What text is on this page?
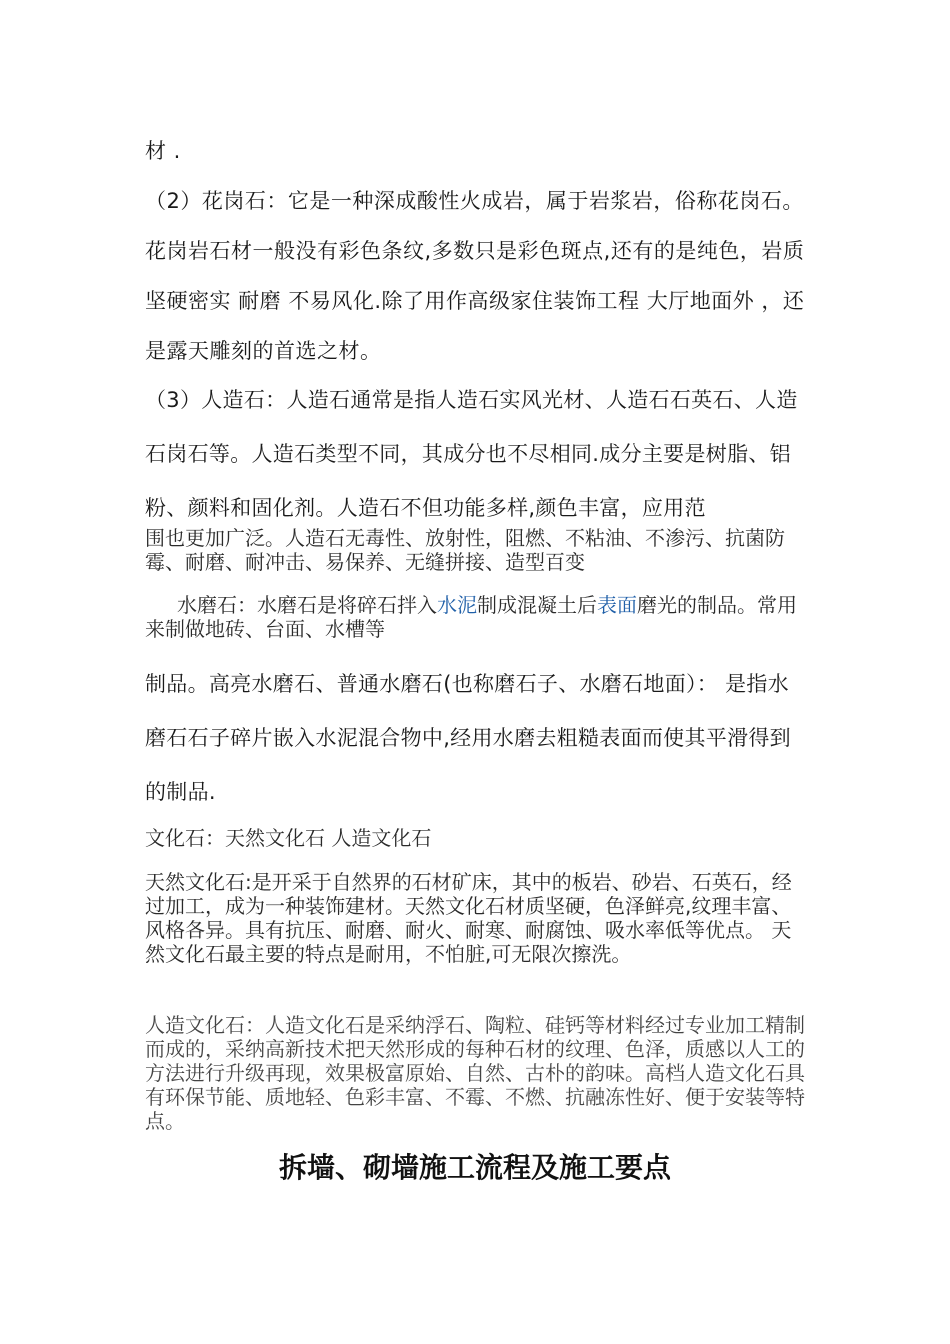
材 .

（2）花岗石：它是一种深成酸性火成岩，属于岩浆岩，俗称花岗石。花岗岩石材一般没有彩色条纹,多数只是彩色斑点,还有的是纯色，岩质坚硬密实 耐磨 不易风化.除了用作高级家住装饰工程 大厅地面外 ，还是露天雕刻的首选之材。

（3）人造石：人造石通常是指人造石实风光材、人造石石英石、人造石岗石等。人造石类型不同，其成分也不尽相同.成分主要是树脂、铝粉、颜料和固化剂。人造石不但功能多样,颜色丰富，应用范

围也更加广泛。人造石无毒性、放射性，阻燃、不粘油、不渗污、抗菌防霉、耐磨、耐冲击、易保养、无缝拼接、造型百变

水磨石：水磨石是将碎石拌入水泥制成混凝土后表面磨光的制品。常用来制做地砖、台面、水槽等

制品。高亮水磨石、普通水磨石(也称磨石子、水磨石地面）： 是指水磨石石子碎片嵌入水泥混合物中,经用水磨去粗糙表面而使其平滑得到的制品.

文化石：天然文化石 人造文化石

天然文化石:是开采于自然界的石材矿床，其中的板岩、砂岩、石英石，经过加工，成为一种装饰建材。天然文化石材质坚硬，色泽鲜亮,纹理丰富、风格各异。具有抗压、耐磨、耐火、耐寒、耐腐蚀、吸水率低等优点。 天然文化石最主要的特点是耐用，不怕脏,可无限次擦洗。

人造文化石：人造文化石是采纳浮石、陶粒、硅钙等材料经过专业加工精制而成的，采纳高新技术把天然形成的每种石材的纹理、色泽，质感以人工的方法进行升级再现，效果极富原始、自然、古朴的韵味。高档人造文化石具有环保节能、质地轻、色彩丰富、不霉、不燃、抗融冻性好、便于安装等特点。

拆墙、砌墙施工流程及施工要点
